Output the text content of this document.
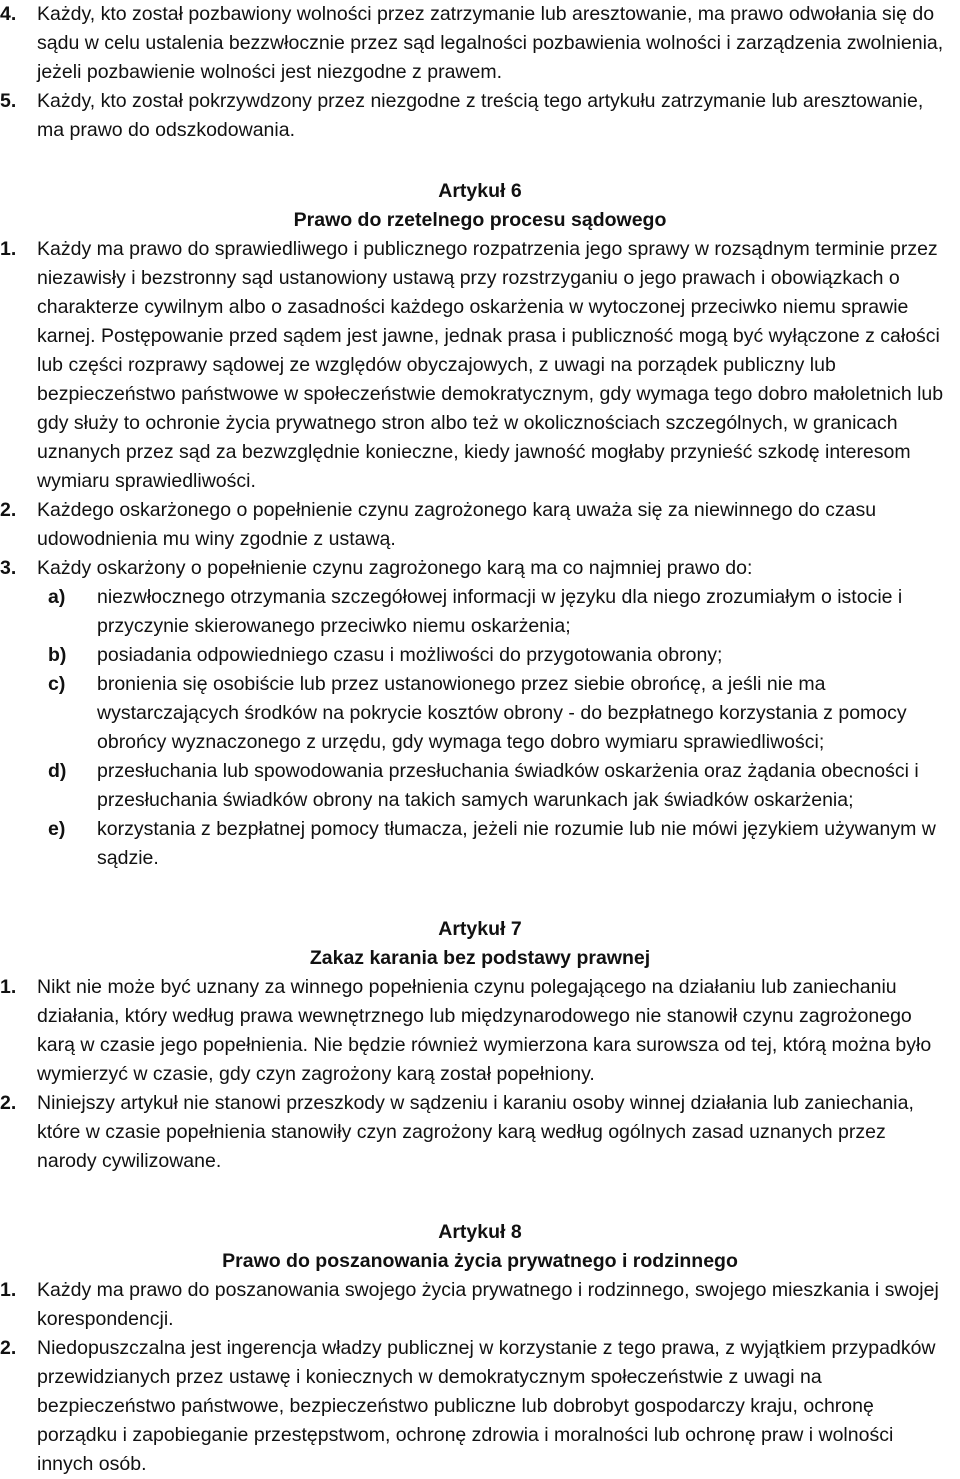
4. Każdy, kto został pozbawiony wolności przez zatrzymanie lub aresztowanie, ma prawo odwołania się do sądu w celu ustalenia bezzwłocznie przez sąd legalności pozbawienia wolności i zarządzenia zwolnienia, jeżeli pozbawienie wolności jest niezgodne z prawem.
5. Każdy, kto został pokrzywdzony przez niezgodne z treścią tego artykułu zatrzymanie lub aresztowanie, ma prawo do odszkodowania.
Artykuł 6
Prawo do rzetelnego procesu sądowego
1. Każdy ma prawo do sprawiedliwego i publicznego rozpatrzenia jego sprawy w rozsądnym terminie przez niezawisły i bezstronny sąd ustanowiony ustawą przy rozstrzyganiu o jego prawach i obowiązkach o charakterze cywilnym albo o zasadności każdego oskarżenia w wytoczonej przeciwko niemu sprawie karnej. Postępowanie przed sądem jest jawne, jednak prasa i publiczność mogą być wyłączone z całości lub części rozprawy sądowej ze względów obyczajowych, z uwagi na porządek publiczny lub bezpieczeństwo państwowe w społeczeństwie demokratycznym, gdy wymaga tego dobro małoletnich lub gdy służy to ochronie życia prywatnego stron albo też w okolicznościach szczególnych, w granicach uznanych przez sąd za bezwzględnie konieczne, kiedy jawność mogłaby przynieść szkodę interesom wymiaru sprawiedliwości.
2. Każdego oskarżonego o popełnienie czynu zagrożonego karą uważa się za niewinnego do czasu udowodnienia mu winy zgodnie z ustawą.
3. Każdy oskarżony o popełnienie czynu zagrożonego karą ma co najmniej prawo do:
a) niezwłocznego otrzymania szczegółowej informacji w języku dla niego zrozumiałym o istocie i przyczynie skierowanego przeciwko niemu oskarżenia;
b) posiadania odpowiedniego czasu i możliwości do przygotowania obrony;
c) bronienia się osobiście lub przez ustanowionego przez siebie obrońcę, a jeśli nie ma wystarczających środków na pokrycie kosztów obrony - do bezpłatnego korzystania z pomocy obrońcy wyznaczonego z urzędu, gdy wymaga tego dobro wymiaru sprawiedliwości;
d) przesłuchania lub spowodowania przesłuchania świadków oskarżenia oraz żądania obecności i przesłuchania świadków obrony na takich samych warunkach jak świadków oskarżenia;
e) korzystania z bezpłatnej pomocy tłumacza, jeżeli nie rozumie lub nie mówi językiem używanym w sądzie.
Artykuł 7
Zakaz karania bez podstawy prawnej
1. Nikt nie może być uznany za winnego popełnienia czynu polegającego na działaniu lub zaniechaniu działania, który według prawa wewnętrznego lub międzynarodowego nie stanowił czynu zagrożonego karą w czasie jego popełnienia. Nie będzie również wymierzona kara surowsza od tej, którą można było wymierzyć w czasie, gdy czyn zagrożony karą został popełniony.
2. Niniejszy artykuł nie stanowi przeszkody w sądzeniu i karaniu osoby winnej działania lub zaniechania, które w czasie popełnienia stanowiły czyn zagrożony karą według ogólnych zasad uznanych przez narody cywilizowane.
Artykuł 8
Prawo do poszanowania życia prywatnego i rodzinnego
1. Każdy ma prawo do poszanowania swojego życia prywatnego i rodzinnego, swojego mieszkania i swojej korespondencji.
2. Niedopuszczalna jest ingerencja władzy publicznej w korzystanie z tego prawa, z wyjątkiem przypadków przewidzianych przez ustawę i koniecznych w demokratycznym społeczeństwie z uwagi na bezpieczeństwo państwowe, bezpieczeństwo publiczne lub dobrobyt gospodarczy kraju, ochronę porządku i zapobieganie przestępstwom, ochronę zdrowia i moralności lub ochronę praw i wolności innych osób.
